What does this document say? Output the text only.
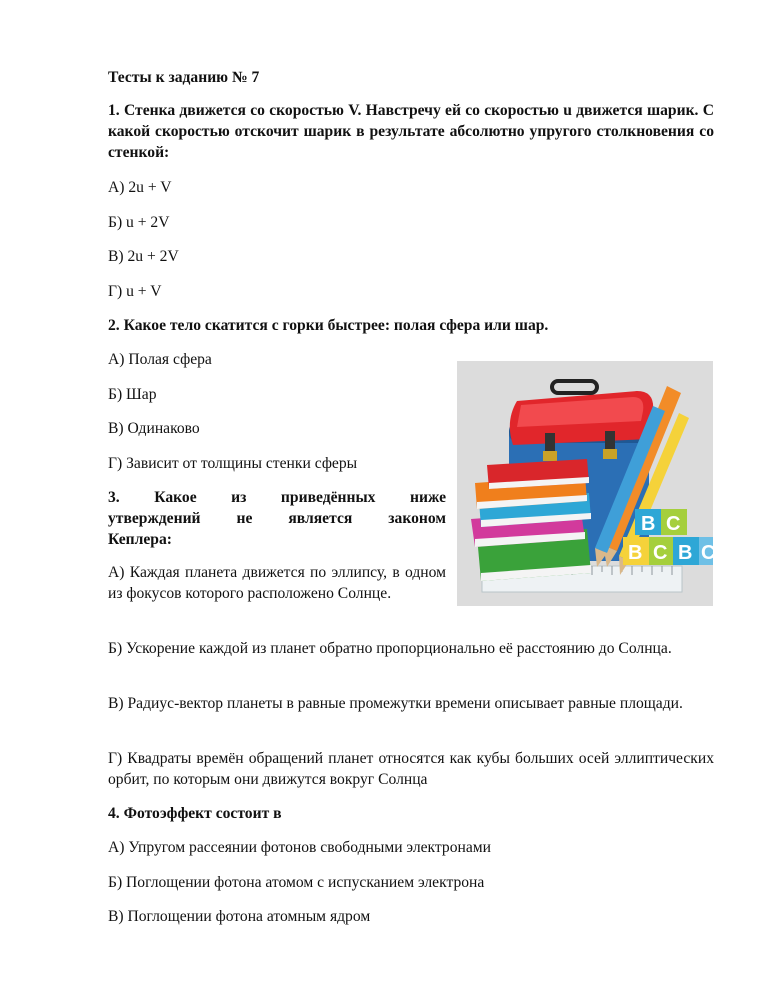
Тесты к заданию № 7

1. Стенка движется со скоростью V. Навстречу ей со скоростью u движется шарик. С какой скоростью отскочит шарик в результате абсолютно упругого столкновения со стенкой:

А) 2u + V

Б) u + 2V

В) 2u + 2V

Г) u + V

2. Какое тело скатится с горки быстрее: полая сфера или шар.

А) Полая сфера

Б) Шар

В) Одинаково

Г) Зависит от толщины стенки сферы

3. Какое из приведённых ниже

утверждений не является законом

Кеплера:

А) Каждая планета движется по эллипсу, в одном из фокусов которого расположено Солнце.

Б) Ускорение каждой из планет обратно пропорционально её расстоянию до Солнца.

В) Радиус-вектор планеты в равные промежутки времени описывает равные площади.

Г) Квадраты времён обращений планет относятся как кубы больших осей эллиптических орбит, по которым они движутся вокруг Солнца

4. Фотоэффект состоит в

А) Упругом рассеянии фотонов свободными электронами

Б) Поглощении фотона атомом с испусканием электрона

В) Поглощении фотона атомным ядром

B C
B C B C
